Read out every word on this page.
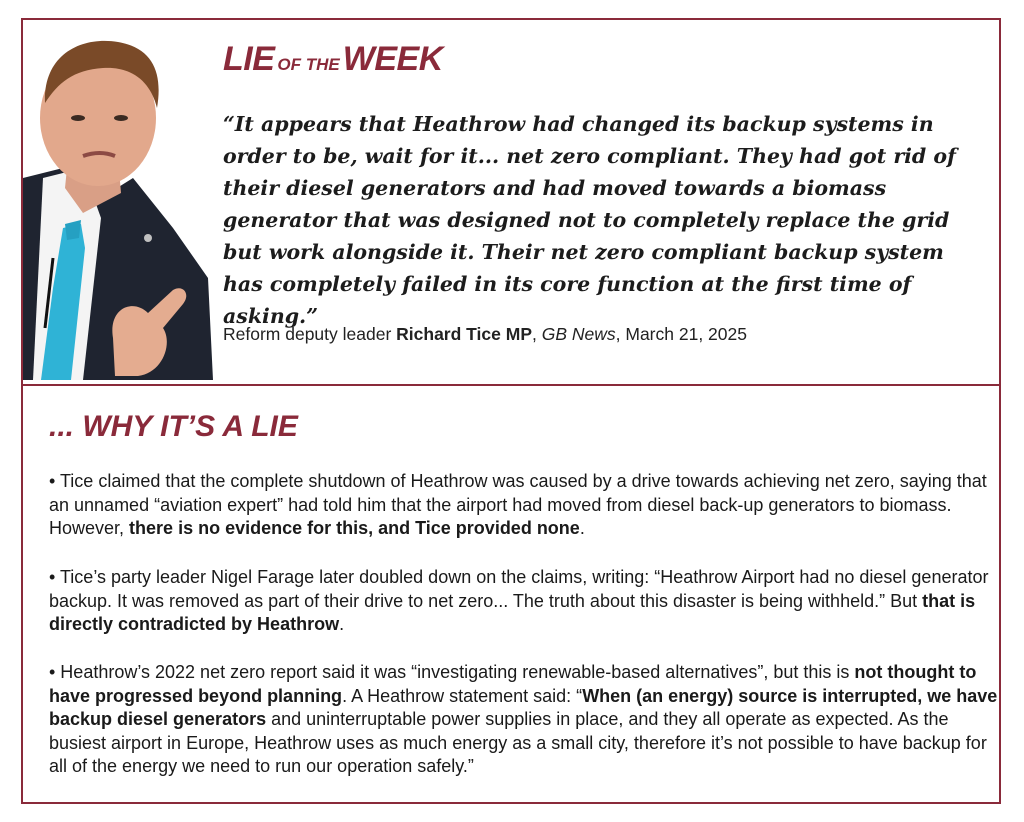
LIE OF THEWEEK

“It appears that Heathrow had changed its backup systems in order to be, wait for it... net zero compliant. They had got rid of their diesel generators and had moved towards a biomass generator that was designed not to completely replace the grid but work alongside it. Their net zero compliant backup system has completely failed in its core function at the first time of asking.”

Reform deputy leader Richard Tice MP, GB News, March 21, 2025
... WHY IT’S A LIE

• Tice claimed that the complete shutdown of Heathrow was caused by a drive towards achieving net zero, saying that an unnamed “aviation expert” had told him that the airport had moved from diesel back-up generators to biomass. However, there is no evidence for this, and Tice provided none.

• Tice’s party leader Nigel Farage later doubled down on the claims, writing: “Heathrow Airport had no diesel generator backup. It was removed as part of their drive to net zero... The truth about this disaster is being withheld.” But that is directly contradicted by Heathrow.

• Heathrow’s 2022 net zero report said it was “investigating renewable-based alternatives”, but this is not thought to have progressed beyond planning. A Heathrow statement said: “When (an energy) source is interrupted, we have backup diesel generators and uninterruptable power supplies in place, and they all operate as expected. As the busiest airport in Europe, Heathrow uses as much energy as a small city, therefore it’s not possible to have backup for all of the energy we need to run our operation safely.”
